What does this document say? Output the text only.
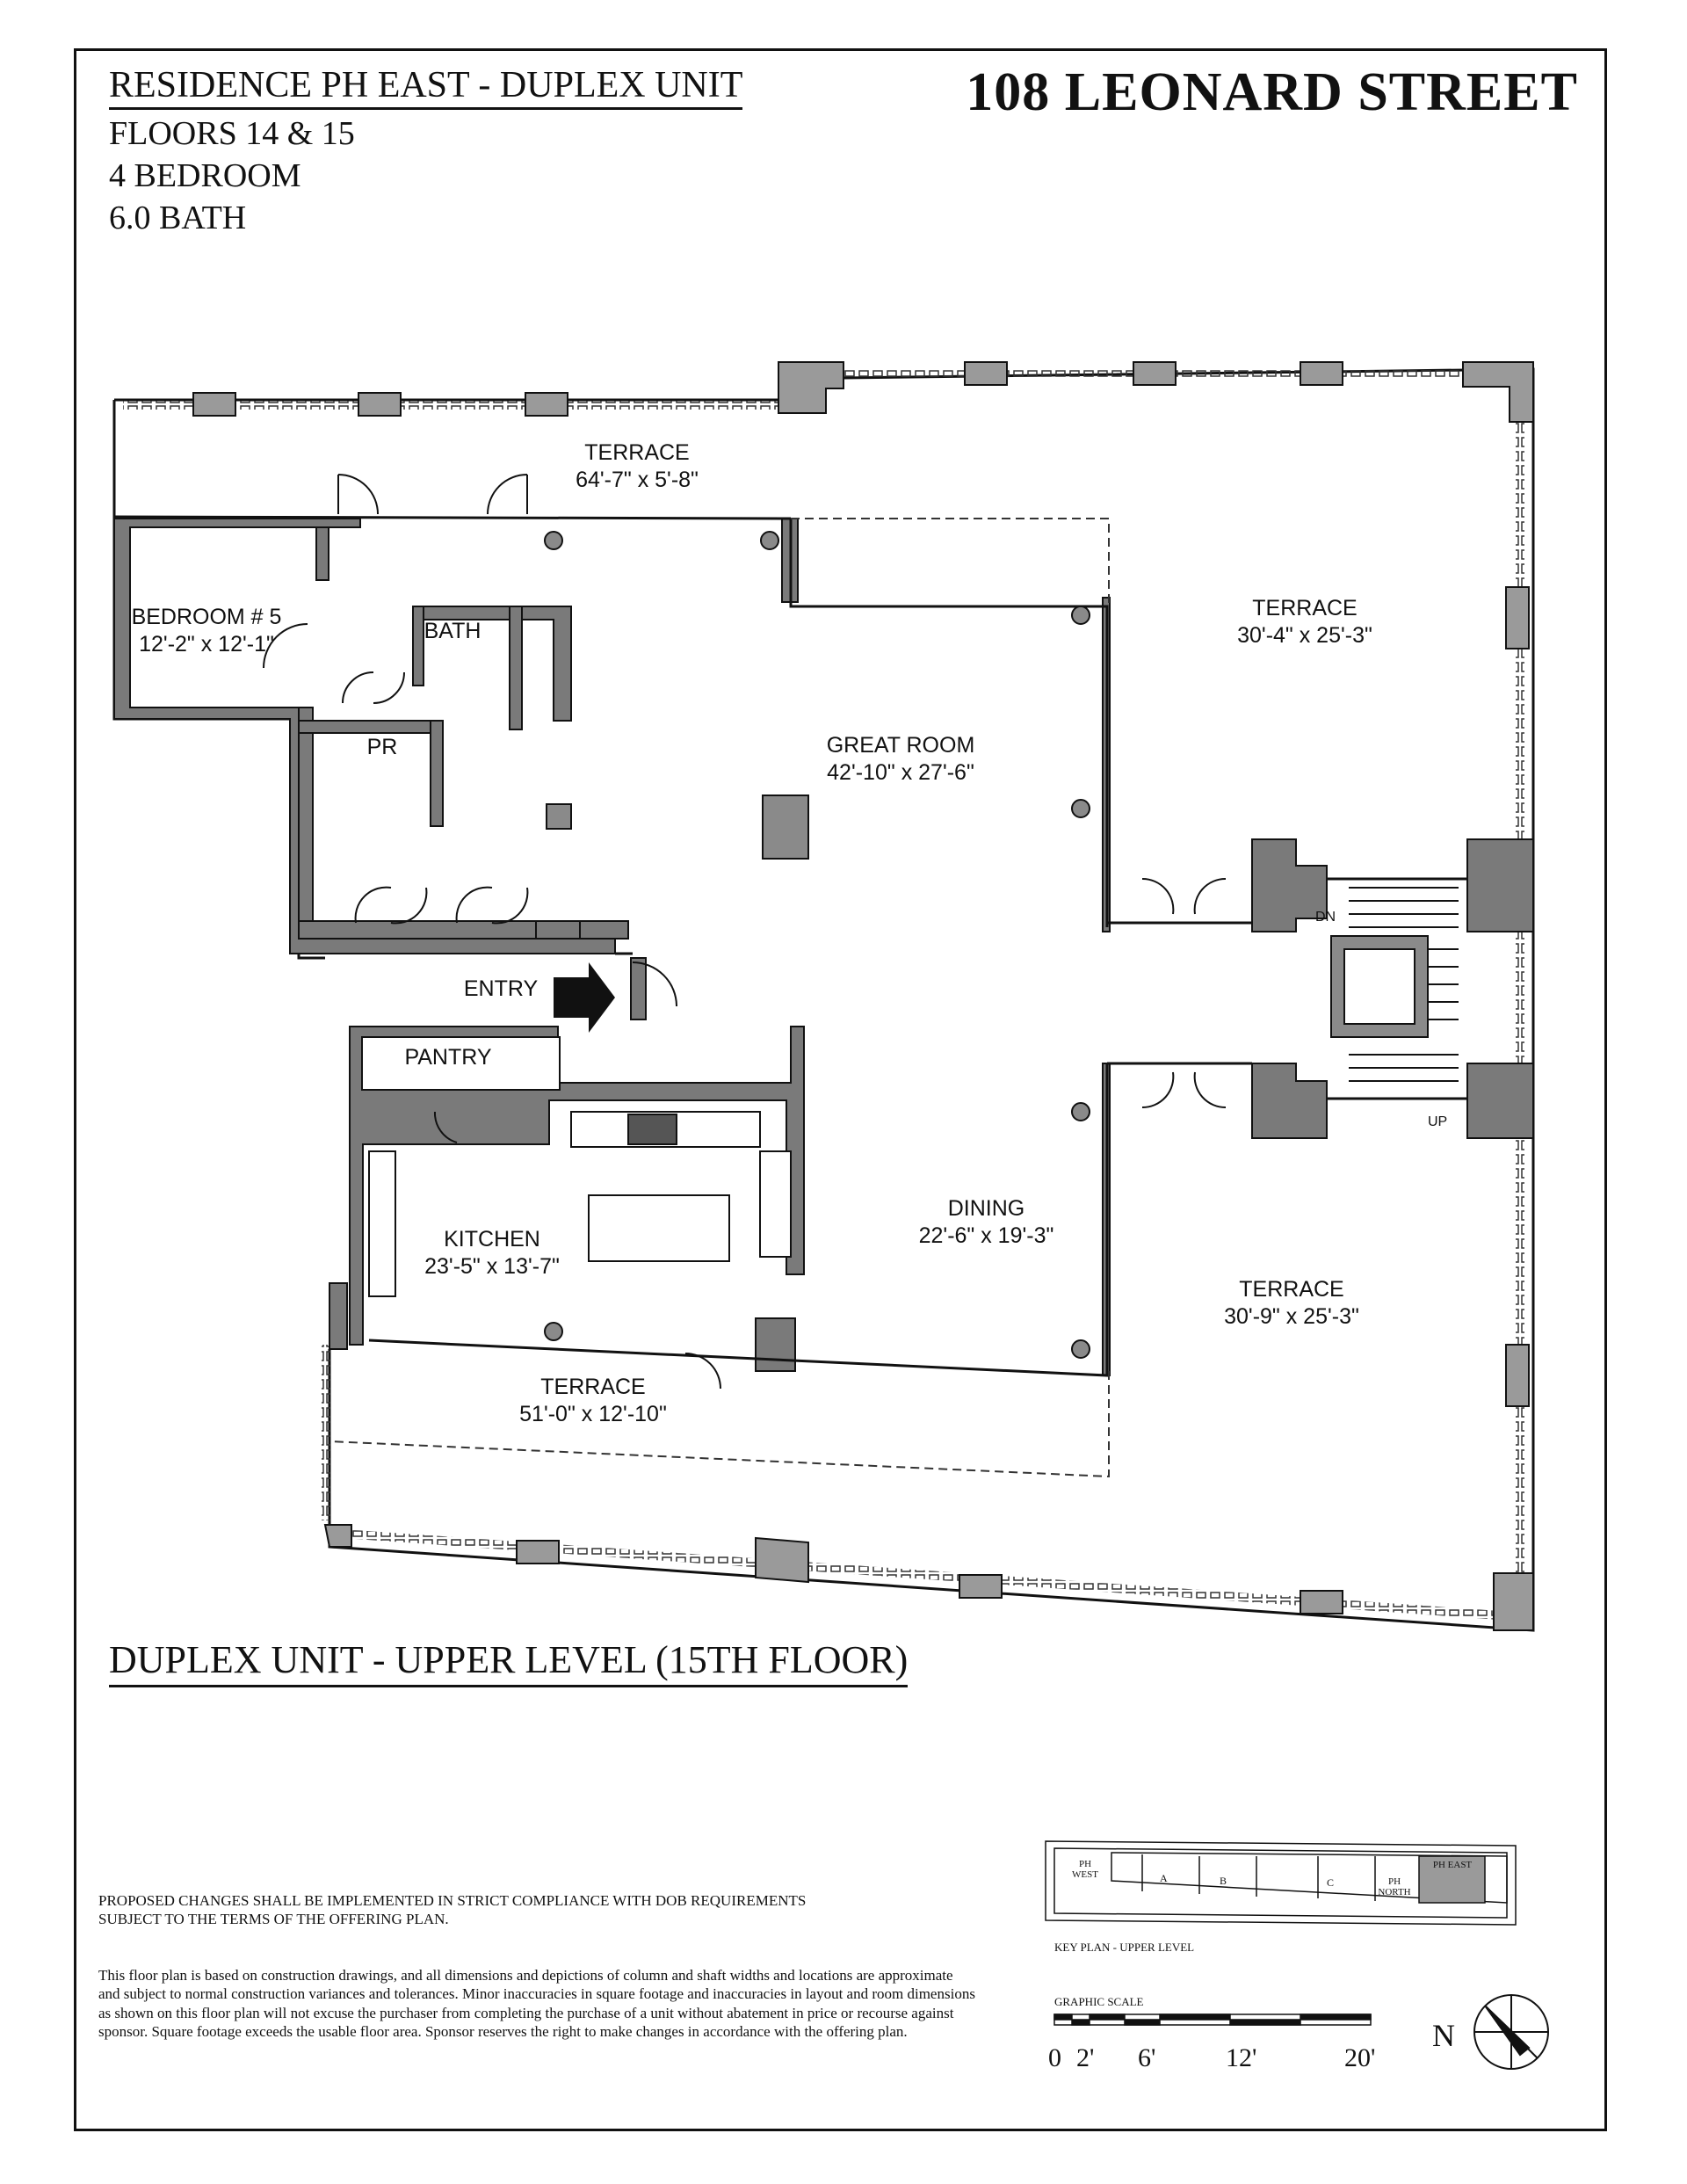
RESIDENCE PH EAST - DUPLEX UNIT
FLOORS 14 & 15
4 BEDROOM
6.0 BATH
108 LEONARD STREET
TERRACE
64'-7" x 5'-8"
TERRACE
30'-4" x 25'-3"
BEDROOM # 5
12'-2" x 12'-1"
BATH
PR	GREAT ROOM
42'-10" x 27'-6"
ENTRY
PANTRY
KITCHEN
23'-5" x 13'-7"
DINING
22'-6" x 19'-3"
TERRACE
30'-9" x 25'-3"
TERRACE
51'-0" x 12'-10"
DN
UP
DUPLEX UNIT - UPPER LEVEL (15TH FLOOR)
PROPOSED CHANGES SHALL BE IMPLEMENTED IN STRICT COMPLIANCE WITH DOB REQUIREMENTS SUBJECT TO THE TERMS OF THE OFFERING PLAN.
This floor plan is based on construction drawings, and all dimensions and depictions of column and shaft widths and locations are approximate and subject to normal construction variances and tolerances. Minor inaccuracies in square footage and inaccuracies in layout and room dimensions as shown on this floor plan will not excuse the purchaser from completing the purchase of a unit without abatement in price or recourse against sponsor. Square footage exceeds the usable floor area. Sponsor reserves the right to make changes in accordance with the offering plan.
PH WEST	A	B	C	PH NORTH
PH EAST
KEY PLAN - UPPER LEVEL
GRAPHIC SCALE
0 2' 6'	12'	20'
N
